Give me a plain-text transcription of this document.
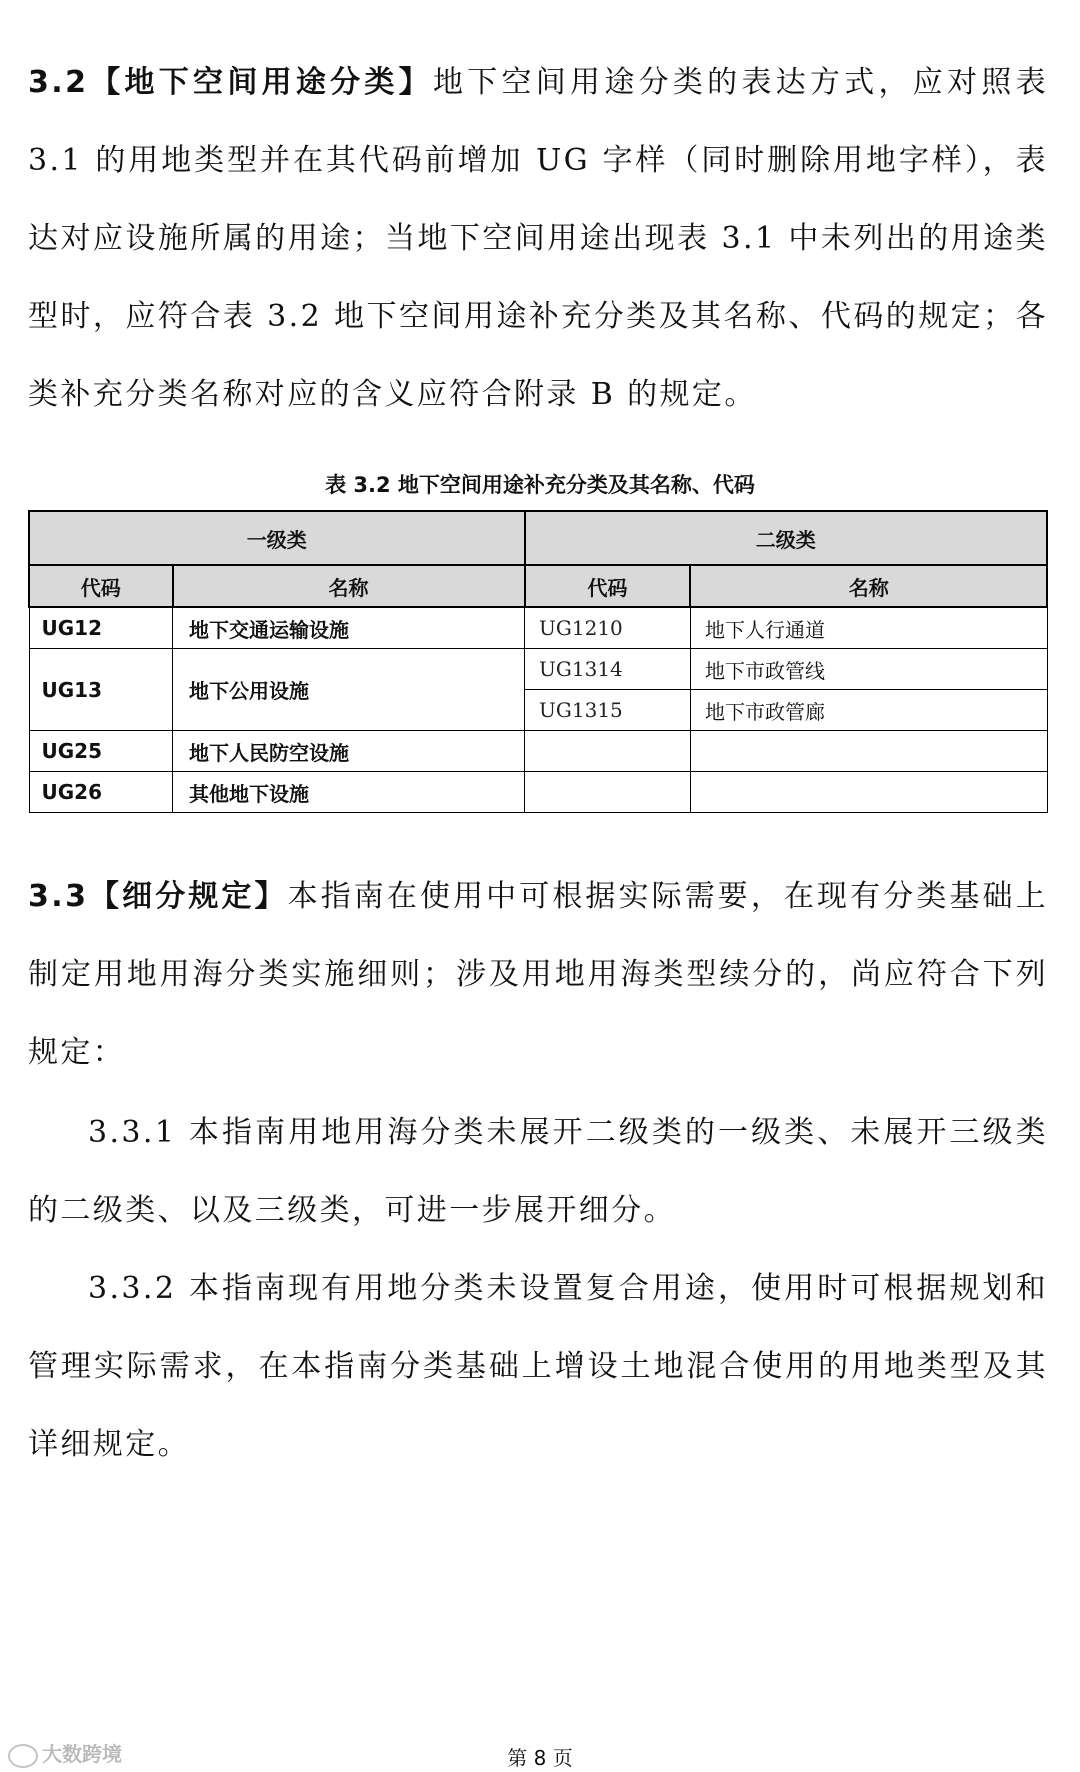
3.2【地下空间用途分类】地下空间用途分类的表达方式，应对照表 3.1 的用地类型并在其代码前增加 UG 字样（同时删除用地字样），表达对应设施所属的用途；当地下空间用途出现表 3.1 中未列出的用途类型时，应符合表 3.2 地下空间用途补充分类及其名称、代码的规定；各类补充分类名称对应的含义应符合附录 B 的规定。
表 3.2 地下空间用途补充分类及其名称、代码
一级类		二级类	
代码	名称	代码	名称
UG12	地下交通运输设施	UG1210	地下人行通道
UG13	地下公用设施	UG1314	地下市政管线
		UG1315	地下市政管廊
UG25	地下人民防空设施		
UG26	其他地下设施		
3.3【细分规定】本指南在使用中可根据实际需要，在现有分类基础上制定用地用海分类实施细则；涉及用地用海类型续分的，尚应符合下列规定：
3.3.1 本指南用地用海分类未展开二级类的一级类、未展开三级类的二级类、以及三级类，可进一步展开细分。
3.3.2 本指南现有用地分类未设置复合用途，使用时可根据规划和管理实际需求，在本指南分类基础上增设土地混合使用的用地类型及其详细规定。
大数跨境	第 8 页
